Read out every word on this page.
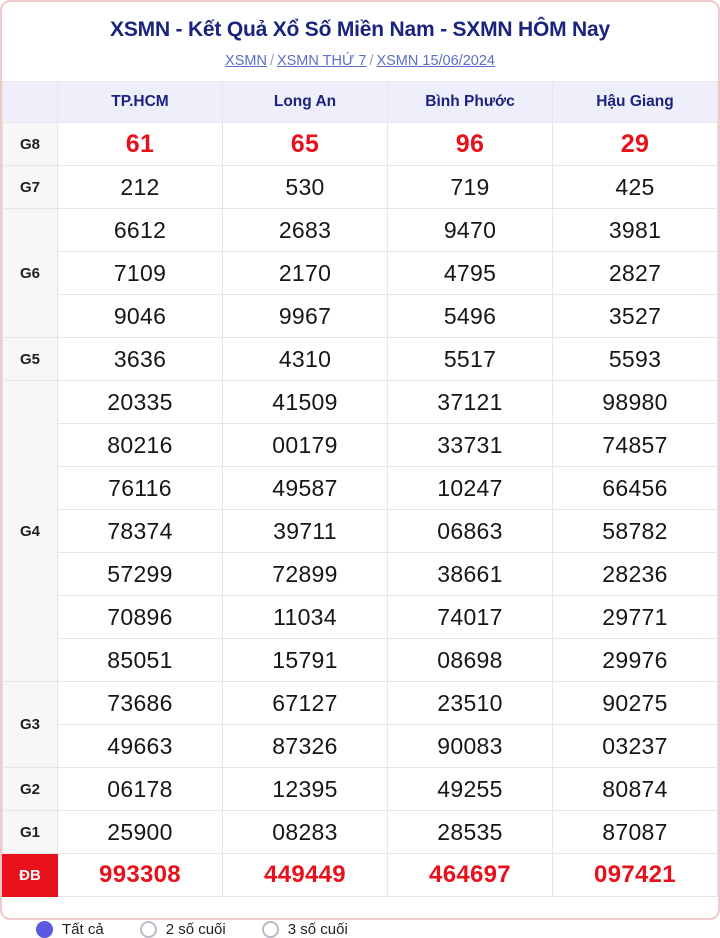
XSMN - Kết Quả Xổ Số Miền Nam - SXMN HÔM Nay
XSMN / XSMN THỨ 7 / XSMN 15/06/2024
	TP.HCM	Long An	Bình Phước	Hậu Giang
G8	61	65	96	29
G7	212	530	719	425
G6	6612	2683	9470	3981
	7109	2170	4795	2827
	9046	9967	5496	3527
G5	3636	4310	5517	5593
G4	20335	41509	37121	98980
	80216	00179	33731	74857
	76116	49587	10247	66456
	78374	39711	06863	58782
	57299	72899	38661	28236
	70896	11034	74017	29771
	85051	15791	08698	29976
G3	73686	67127	23510	90275
	49663	87326	90083	03237
G2	06178	12395	49255	80874
G1	25900	08283	28535	87087
ĐB	993308	449449	464697	097421
Tất cả	2 số cuối	3 số cuối
